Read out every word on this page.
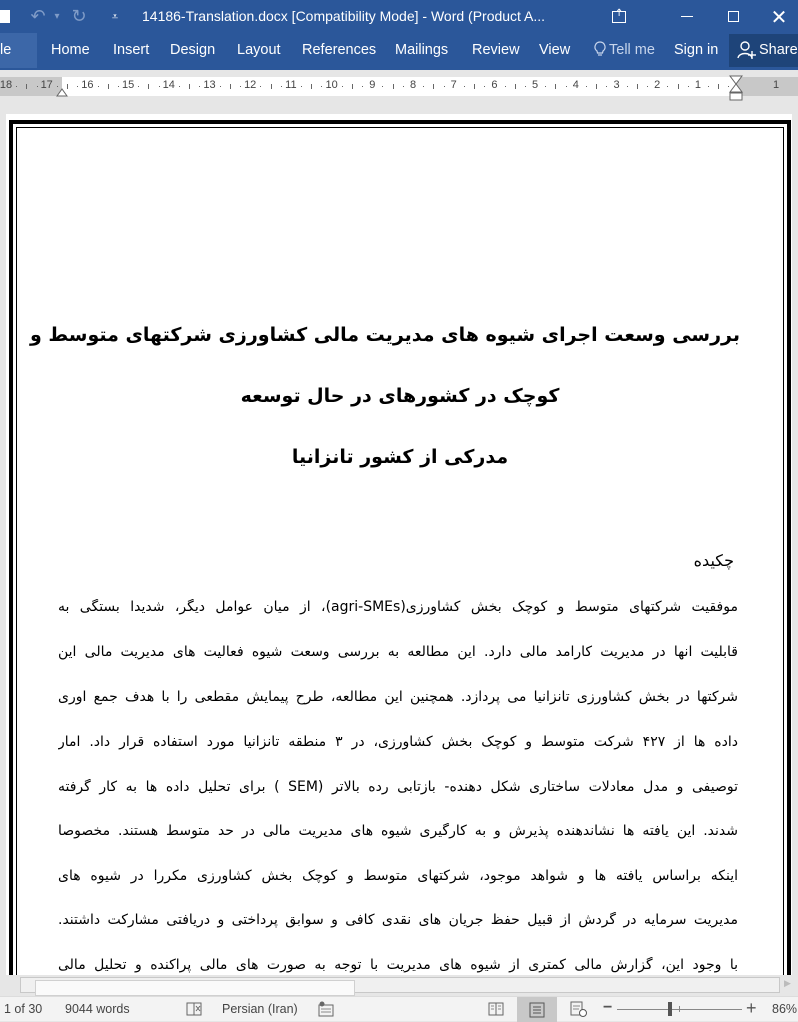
↶ ▾ ↻	⩡ 14186-Translation.docx [Compatibility Mode] - Word (Product A... ↑	✕
le	Home Insert Design Layout References Mailings Review View	Tell me Sign in	Share
18	17	16	15	14	13	12	11	10	9	8	7	6	5	4	3	2	1	1
بررسی وسعت اجرای شیوه های مدیریت مالی کشاورزی شرکتهای متوسط و
کوچک در کشورهای در حال توسعه
مدرکی از کشور تانزانیا
چکیده
موفقیت شرکتهای متوسط و کوچک بخش کشاورزی(agri-SMEs)، از میان عوامل دیگر، شدیدا بستگی به
قابلیت انها در مدیریت کارامد مالی دارد. این مطالعه به بررسی وسعت شیوه فعالیت های مدیریت مالی این
شرکتها در بخش کشاورزی تانزانیا می پردازد. همچنین این مطالعه، طرح پیمایش مقطعی را با هدف جمع اوری
داده ها از ۴۲۷ شرکت متوسط و کوچک بخش کشاورزی، در ۳ منطقه تانزانیا مورد استفاده قرار داد. امار
توصیفی و مدل معادلات ساختاری شکل دهنده- بازتابی رده بالاتر (SEM ) برای تحلیل داده ها به کار گرفته
شدند. این یافته ها نشاندهنده پذیرش و به کارگیری شیوه های مدیریت مالی در حد متوسط هستند. مخصوصا
اینکه براساس یافته ها و شواهد موجود، شرکتهای متوسط و کوچک بخش کشاورزی مکررا در شیوه های
مدیریت سرمایه در گردش از قبیل حفظ جریان های نقدی کافی و سوابق پرداختی و دریافتی مشارکت داشتند.
با وجود این، گزارش مالی کمتری از شیوه های مدیریت با توجه به صورت های مالی پراکنده و تحلیل مالی
▶
1 of 30 9044 words	Persian (Iran)	−	+ 86%
